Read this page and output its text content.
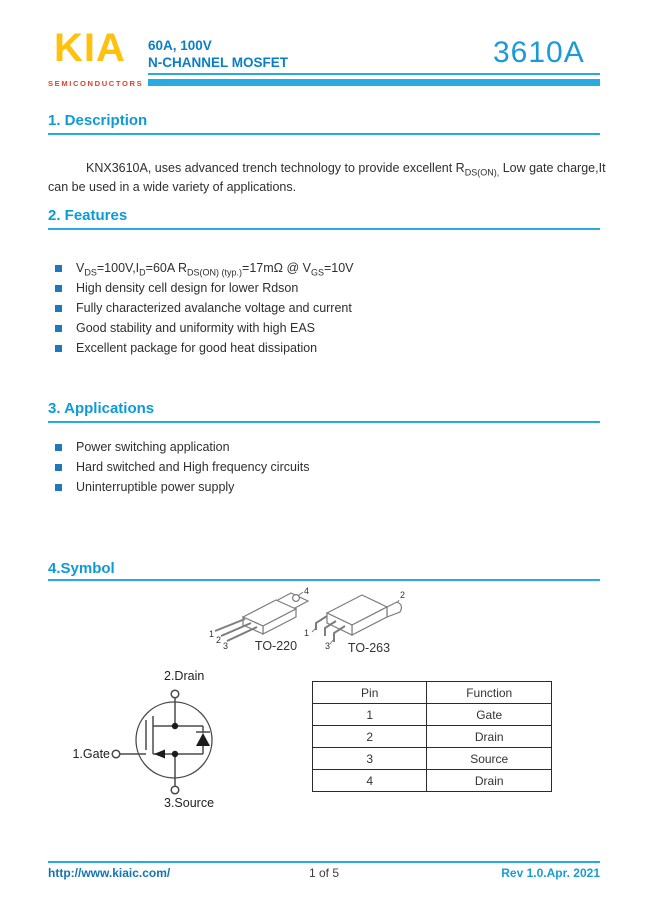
KIA
SEMICONDUCTORS
60A, 100V
N-CHANNEL MOSFET	3610A
1. Description
KNX3610A, uses advanced trench technology to provide excellent $R_{DS(ON),}$ Low gate charge,It can be used in a wide variety of applications.
2. Features
$V_{DS}=100V,I_D=60A$ $R_{DS(ON) (typ.)}=17m\Omega$ @ $V_{GS}=10V$
High density cell design for lower Rdson
Fully characterized avalanche voltage and current
Good stability and uniformity with high EAS
Excellent package for good heat dissipation
3. Applications
Power switching application
Hard switched and High frequency circuits
Uninterruptible power supply
4.Symbol
1
2
3
4
TO-220
1
3
2
TO-263
2.Drain
1.Gate
3.Source
Pin	Function
1	Gate
2	Drain
3	Source
4	Drain
http://www.kiaic.com/	1 of 5	Rev 1.0.Apr. 2021
